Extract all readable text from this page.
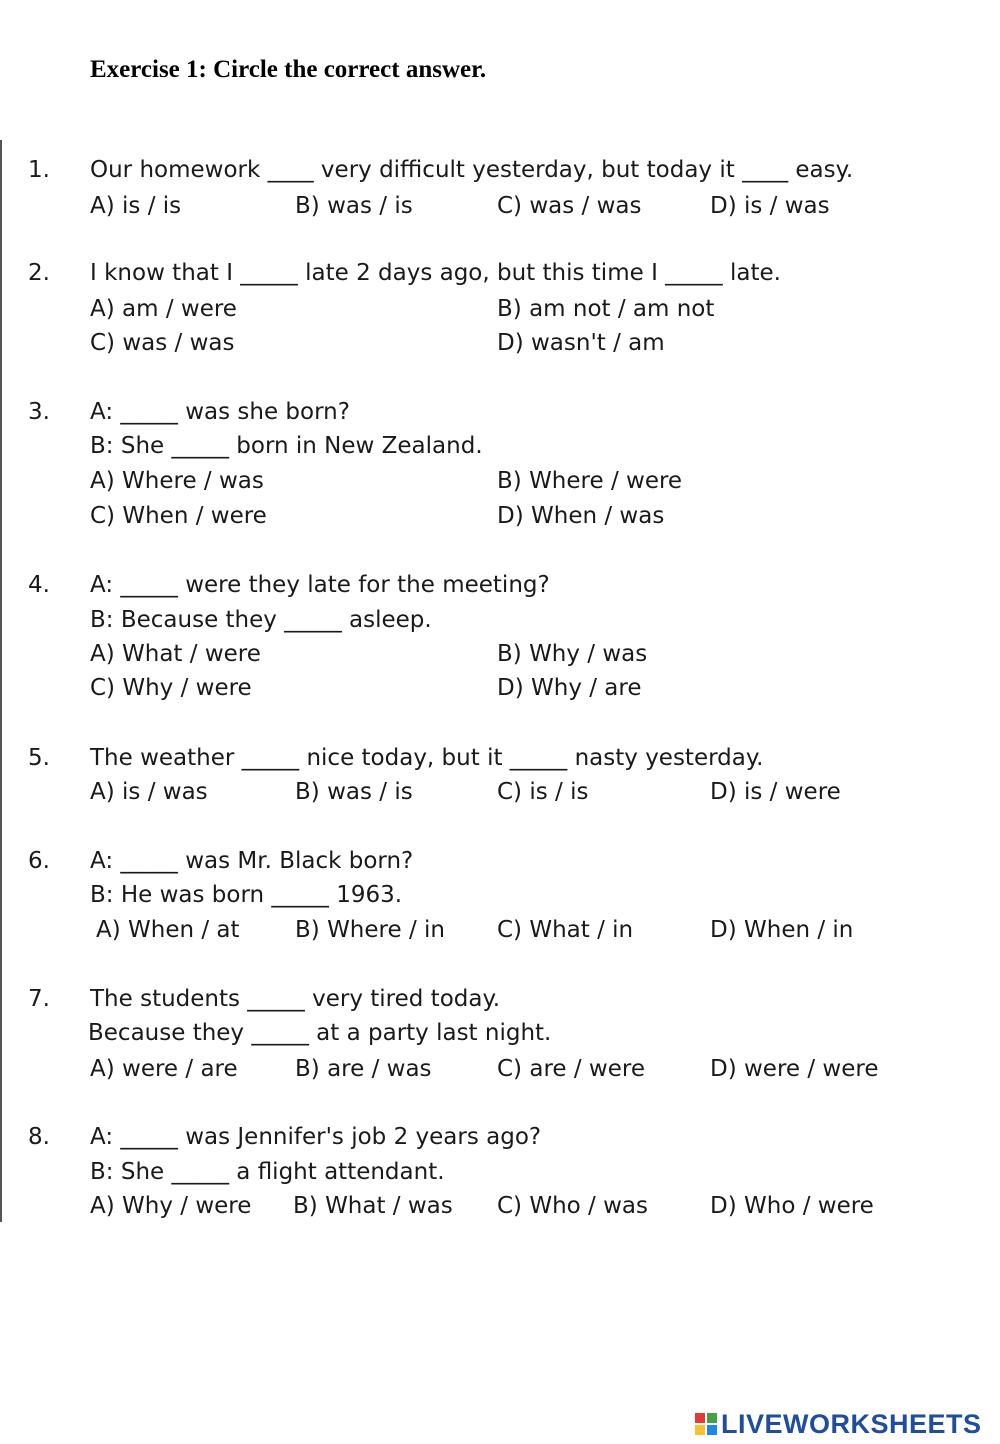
Exercise 1: Circle the correct answer.
1. Our homework ____ very difficult yesterday, but today it ____ easy.
A) is / is	B) was / is	C) was / was	D) is / was
2. I know that I _____ late 2 days ago, but this time I _____ late.
A) am / were	B) am not / am not
C) was / was	D) wasn't / am
3. A: _____ was she born?
B: She _____ born in New Zealand.
A) Where / was	B) Where / were
C) When / were	D) When / was
4. A: _____ were they late for the meeting?
B: Because they _____ asleep.
A) What / were	B) Why / was
C) Why / were	D) Why / are
5. The weather _____ nice today, but it _____ nasty yesterday.
A) is / was	B) was / is	C) is / is	D) is / were
6. A: _____ was Mr. Black born?
B: He was born _____ 1963.
A) When / at B) Where / in C) What / in	D) When / in
7. The students _____ very tired today.
Because they _____ at a party last night.
A) were / are B) are / was	C) are / were	D) were / were
8. A: _____ was Jennifer's job 2 years ago?
B: She _____ a flight attendant.
A) Why / were B) What / was C) Who / was	D) Who / were
LIVEWORKSHEETS
